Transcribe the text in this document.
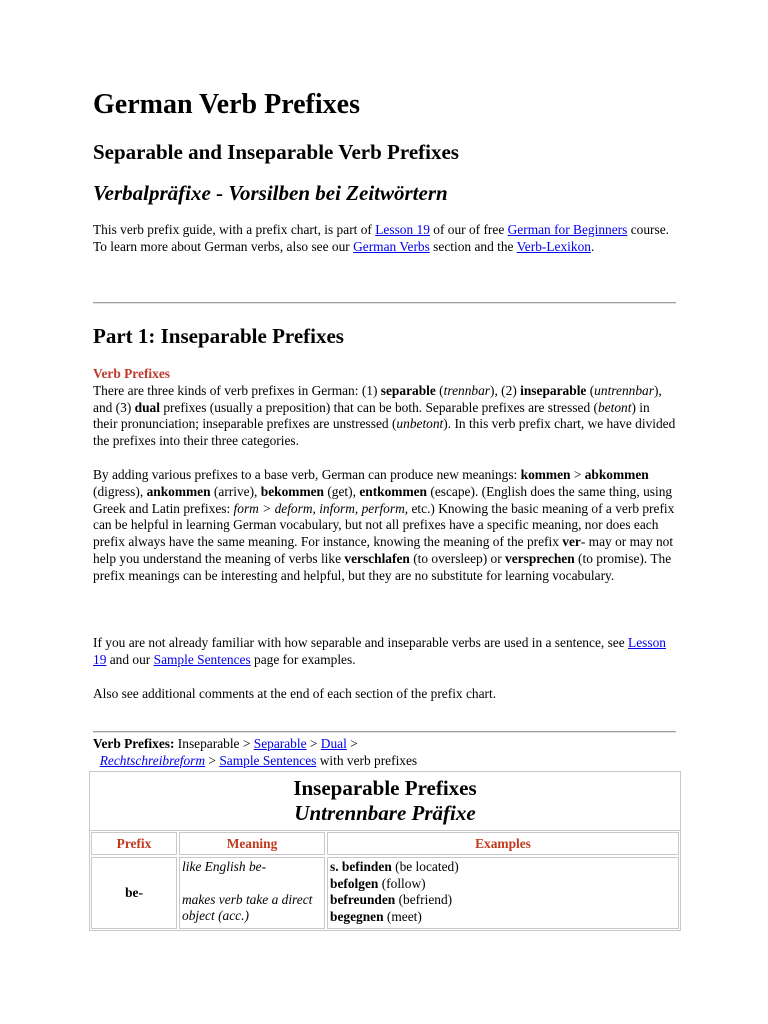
German Verb Prefixes
Separable and Inseparable Verb Prefixes
Verbalpräfixe - Vorsilben bei Zeitwörtern

This verb prefix guide, with a prefix chart, is part of Lesson 19 of our of free German for Beginners course. To learn more about German verbs, also see our German Verbs section and the Verb-Lexikon.

Part 1: Inseparable Prefixes

Verb Prefixes
There are three kinds of verb prefixes in German: (1) separable (trennbar), (2) inseparable (untrennbar), and (3) dual prefixes (usually a preposition) that can be both. Separable prefixes are stressed (betont) in their pronunciation; inseparable prefixes are unstressed (unbetont). In this verb prefix chart, we have divided the prefixes into their three categories.

By adding various prefixes to a base verb, German can produce new meanings: kommen > abkommen (digress), ankommen (arrive), bekommen (get), entkommen (escape). (English does the same thing, using Greek and Latin prefixes: form > deform, inform, perform, etc.) Knowing the basic meaning of a verb prefix can be helpful in learning German vocabulary, but not all prefixes have a specific meaning, nor does each prefix always have the same meaning. For instance, knowing the meaning of the prefix ver- may or may not help you understand the meaning of verbs like verschlafen (to oversleep) or versprechen (to promise). The prefix meanings can be interesting and helpful, but they are no substitute for learning vocabulary.

If you are not already familiar with how separable and inseparable verbs are used in a sentence, see Lesson 19 and our Sample Sentences page for examples.

Also see additional comments at the end of each section of the prefix chart.

Verb Prefixes: Inseparable > Separable > Dual >
Rechtschreibreform > Sample Sentences with verb prefixes
Inseparable Prefixes
Untrennbare Präfixe
Prefix	Meaning	Examples
be-
like English be-
makes verb take a direct object (acc.)
s. befinden (be located)
befolgen (follow)
befreunden (befriend)
begegnen (meet)
